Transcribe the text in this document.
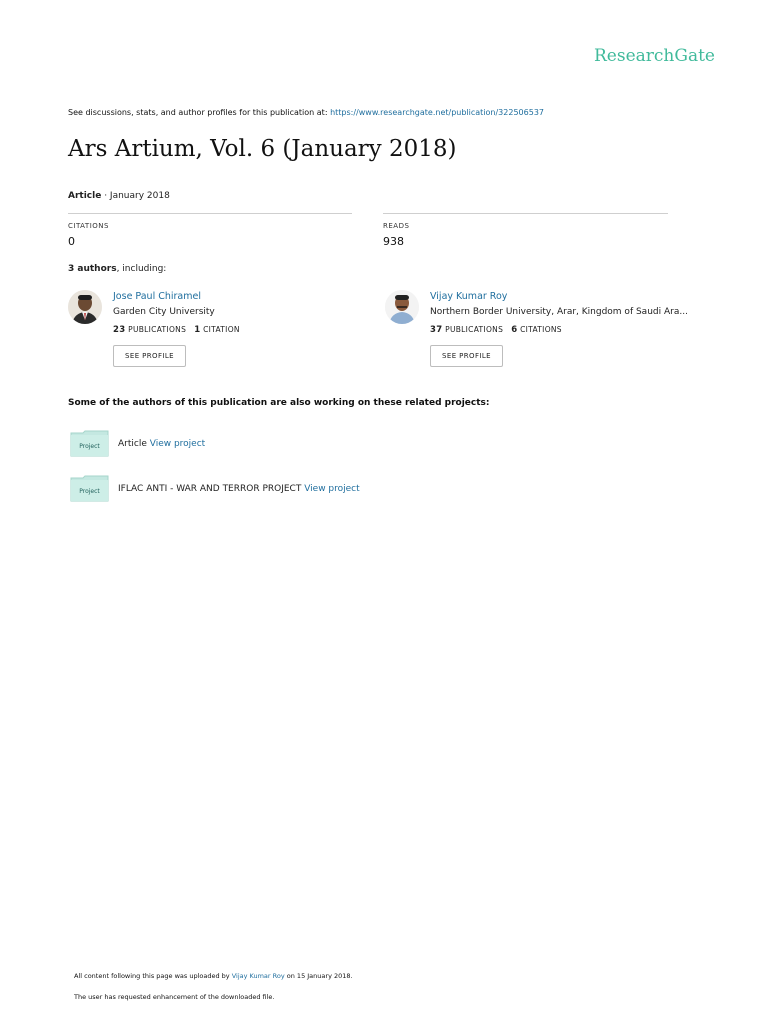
ResearchGate
See discussions, stats, and author profiles for this publication at: https://www.researchgate.net/publication/322506537
Ars Artium, Vol. 6 (January 2018)
Article · January 2018
CITATIONS
0
READS
938
3 authors, including:
Jose Paul Chiramel
Garden City University
23 PUBLICATIONS 1 CITATION
SEE PROFILE
Vijay Kumar Roy
Northern Border University, Arar, Kingdom of Saudi Ara...
37 PUBLICATIONS 6 CITATIONS
SEE PROFILE
Some of the authors of this publication are also working on these related projects:
Project Article View project
Project IFLAC ANTI - WAR AND TERROR PROJECT View project
All content following this page was uploaded by Vijay Kumar Roy on 15 January 2018.
The user has requested enhancement of the downloaded file.
